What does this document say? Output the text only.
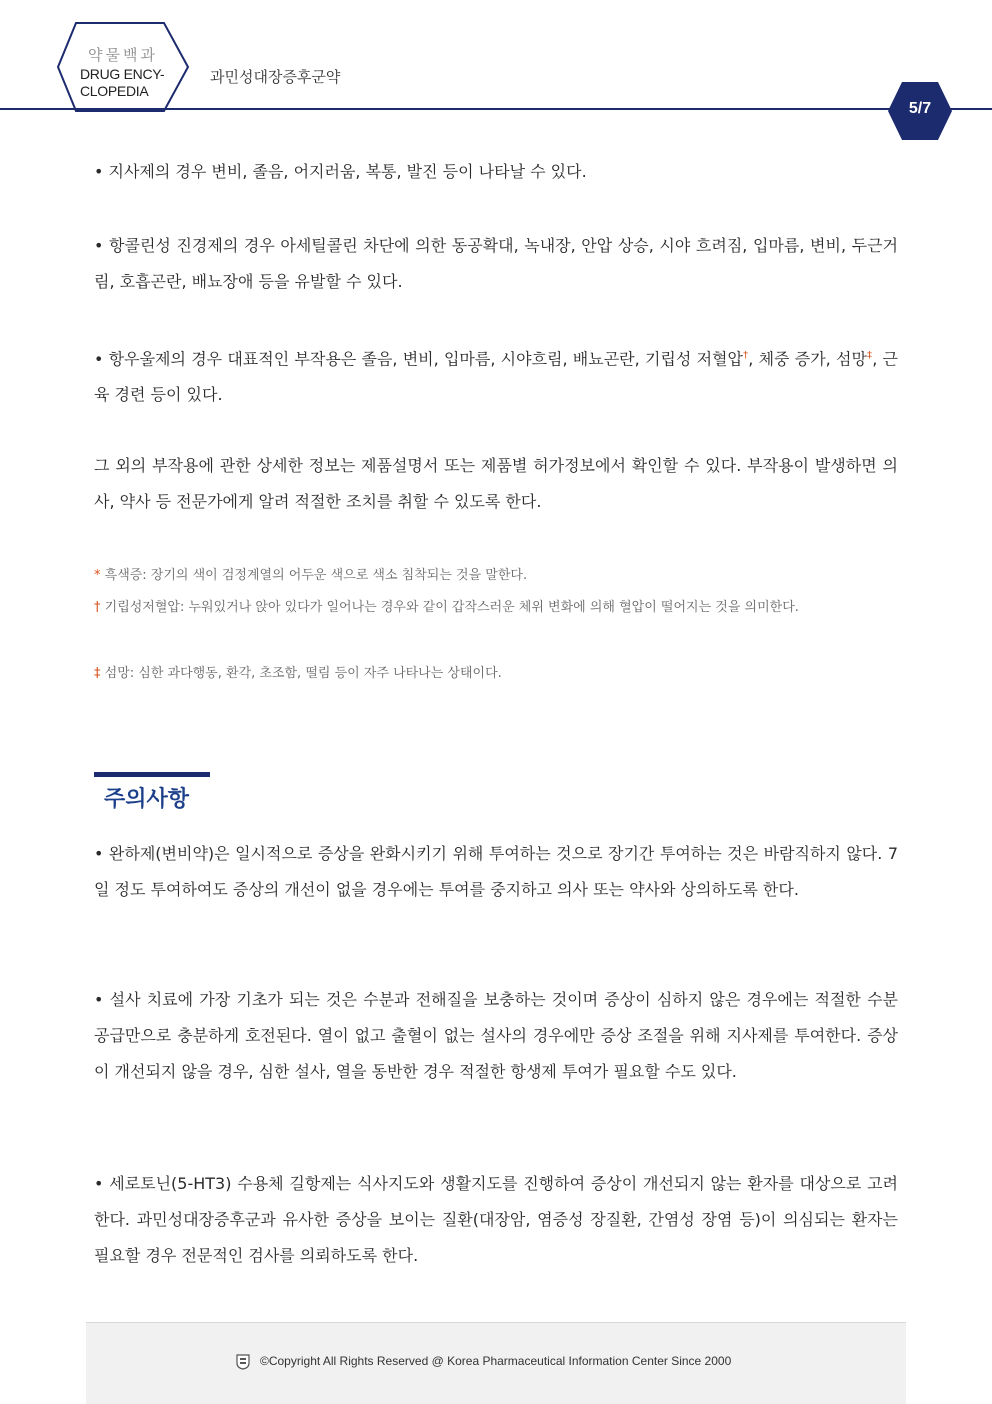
약물백과
DRUG ENCY-
CLOPEDIA
과민성대장증후군약
5/7

• 지사제의 경우 변비, 졸음, 어지러움, 복통, 발진 등이 나타날 수 있다.

• 항콜린성 진경제의 경우 아세틸콜린 차단에 의한 동공확대, 녹내장, 안압 상승, 시야 흐려짐, 입마름, 변비, 두근거림, 호흡곤란, 배뇨장애 등을 유발할 수 있다.

• 항우울제의 경우 대표적인 부작용은 졸음, 변비, 입마름, 시야흐림, 배뇨곤란, 기립성 저혈압†, 체중 증가, 섬망‡, 근육 경련 등이 있다.

그 외의 부작용에 관한 상세한 정보는 제품설명서 또는 제품별 허가정보에서 확인할 수 있다. 부작용이 발생하면 의사, 약사 등 전문가에게 알려 적절한 조치를 취할 수 있도록 한다.

* 흑색증: 장기의 색이 검정계열의 어두운 색으로 색소 침착되는 것을 말한다.

† 기립성저혈압: 누워있거나 앉아 있다가 일어나는 경우와 같이 갑작스러운 체위 변화에 의해 혈압이 떨어지는 것을 의미한다.

‡ 섬망: 심한 과다행동, 환각, 초조함, 떨림 등이 자주 나타나는 상태이다.

주의사항

• 완하제(변비약)은 일시적으로 증상을 완화시키기 위해 투여하는 것으로 장기간 투여하는 것은 바람직하지 않다. 7일 정도 투여하여도 증상의 개선이 없을 경우에는 투여를 중지하고 의사 또는 약사와 상의하도록 한다.

• 설사 치료에 가장 기초가 되는 것은 수분과 전해질을 보충하는 것이며 증상이 심하지 않은 경우에는 적절한 수분 공급만으로 충분하게 호전된다. 열이 없고 출혈이 없는 설사의 경우에만 증상 조절을 위해 지사제를 투여한다. 증상이 개선되지 않을 경우, 심한 설사, 열을 동반한 경우 적절한 항생제 투여가 필요할 수도 있다.

• 세로토닌(5-HT3) 수용체 길항제는 식사지도와 생활지도를 진행하여 증상이 개선되지 않는 환자를 대상으로 고려한다. 과민성대장증후군과 유사한 증상을 보이는 질환(대장암, 염증성 장질환, 간염성 장염 등)이 의심되는 환자는 필요할 경우 전문적인 검사를 의뢰하도록 한다.

©Copyright All Rights Reserved @ Korea Pharmaceutical Information Center Since 2000
